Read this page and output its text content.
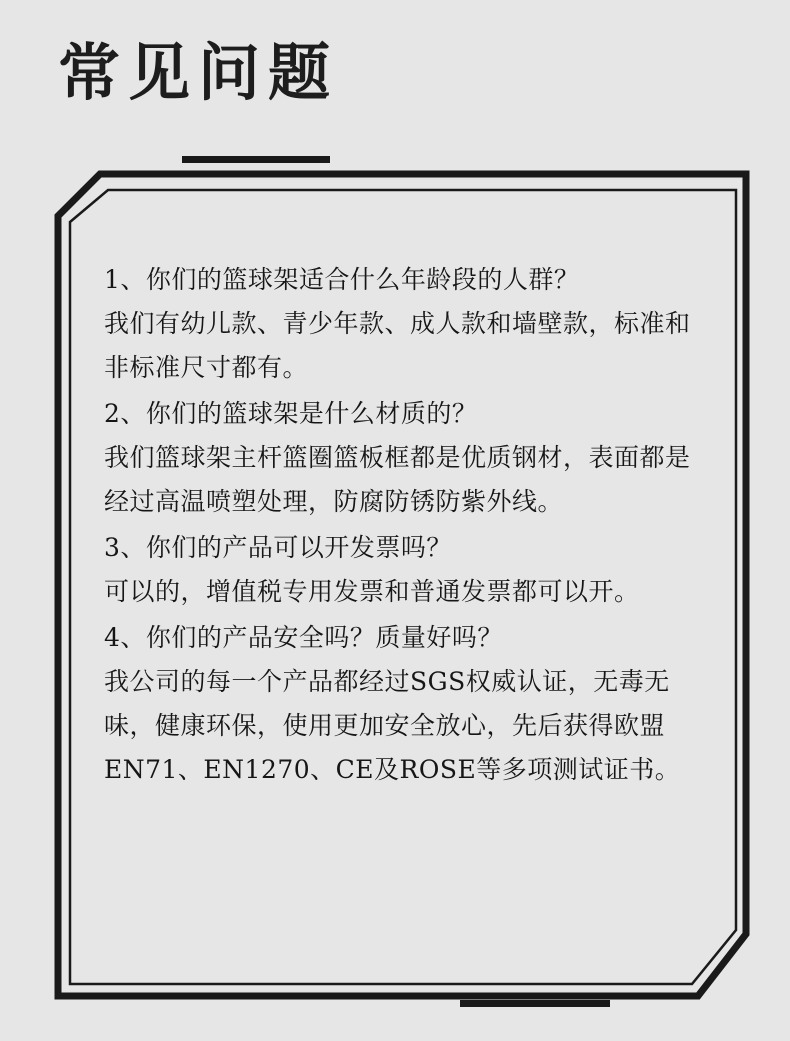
常见问题

1、你们的篮球架适合什么年龄段的人群？

我们有幼儿款、青少年款、成人款和墙壁款，标准和非标准尺寸都有。

2、你们的篮球架是什么材质的？

我们篮球架主杆篮圈篮板框都是优质钢材，表面都是经过高温喷塑处理，防腐防锈防紫外线。

3、你们的产品可以开发票吗？

可以的，增值税专用发票和普通发票都可以开。

4、你们的产品安全吗？质量好吗？

我公司的每一个产品都经过SGS权威认证，无毒无味，健康环保，使用更加安全放心，先后获得欧盟EN71、EN1270、CE及ROSE等多项测试证书。
